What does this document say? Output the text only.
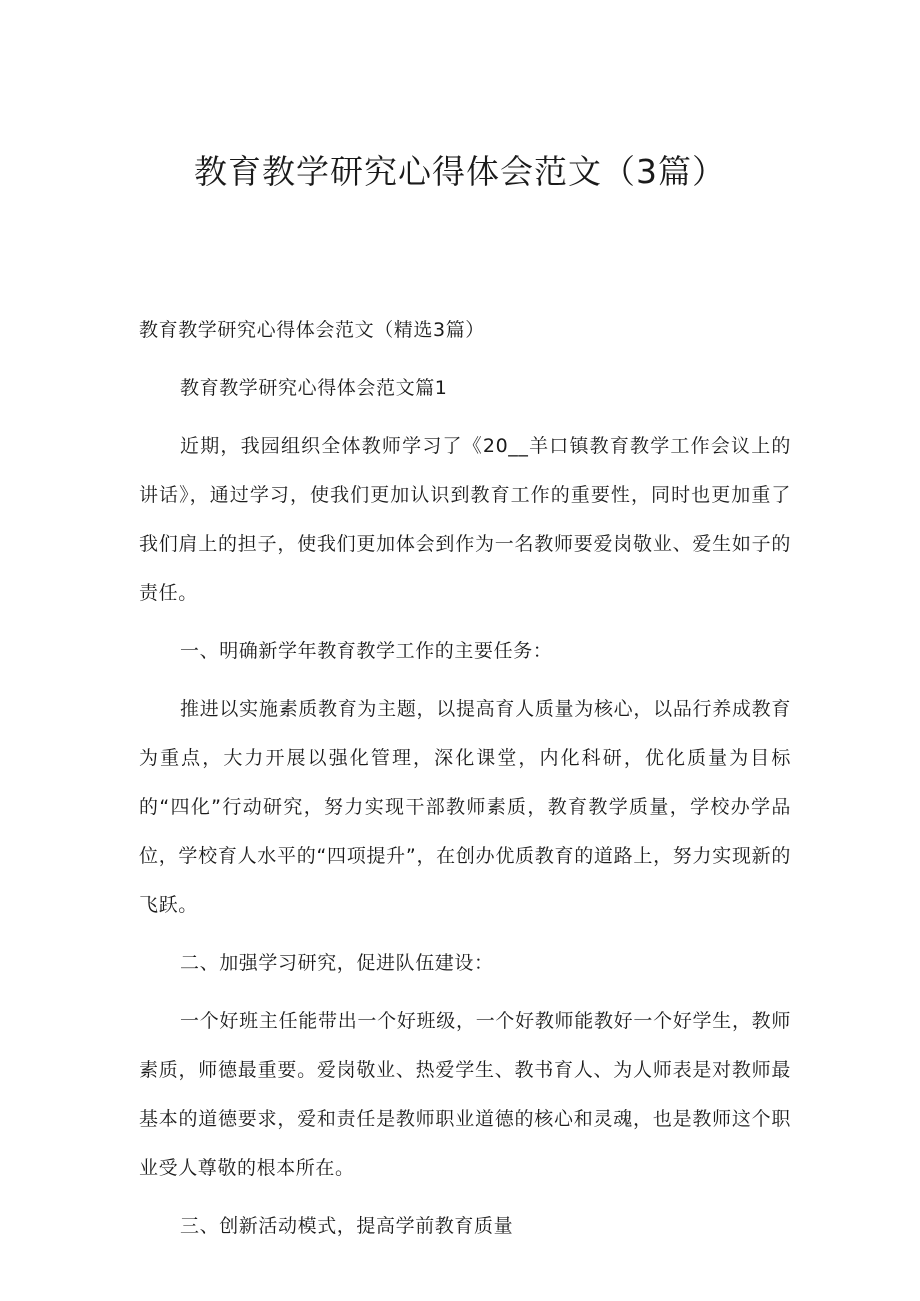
教育教学研究心得体会范文（3篇）

教育教学研究心得体会范文（精选3篇）

教育教学研究心得体会范文篇1

近期，我园组织全体教师学习了《20__羊口镇教育教学工作会议上的讲话》，通过学习，使我们更加认识到教育工作的重要性，同时也更加重了我们肩上的担子，使我们更加体会到作为一名教师要爱岗敬业、爱生如子的责任。

一、明确新学年教育教学工作的主要任务：

推进以实施素质教育为主题，以提高育人质量为核心，以品行养成教育为重点，大力开展以强化管理，深化课堂，内化科研，优化质量为目标的“四化”行动研究，努力实现干部教师素质，教育教学质量，学校办学品位，学校育人水平的“四项提升”，在创办优质教育的道路上，努力实现新的飞跃。

二、加强学习研究，促进队伍建设：

一个好班主任能带出一个好班级，一个好教师能教好一个好学生，教师素质，师德最重要。爱岗敬业、热爱学生、教书育人、为人师表是对教师最基本的道德要求，爱和责任是教师职业道德的核心和灵魂，也是教师这个职业受人尊敬的根本所在。

三、创新活动模式，提高学前教育质量
